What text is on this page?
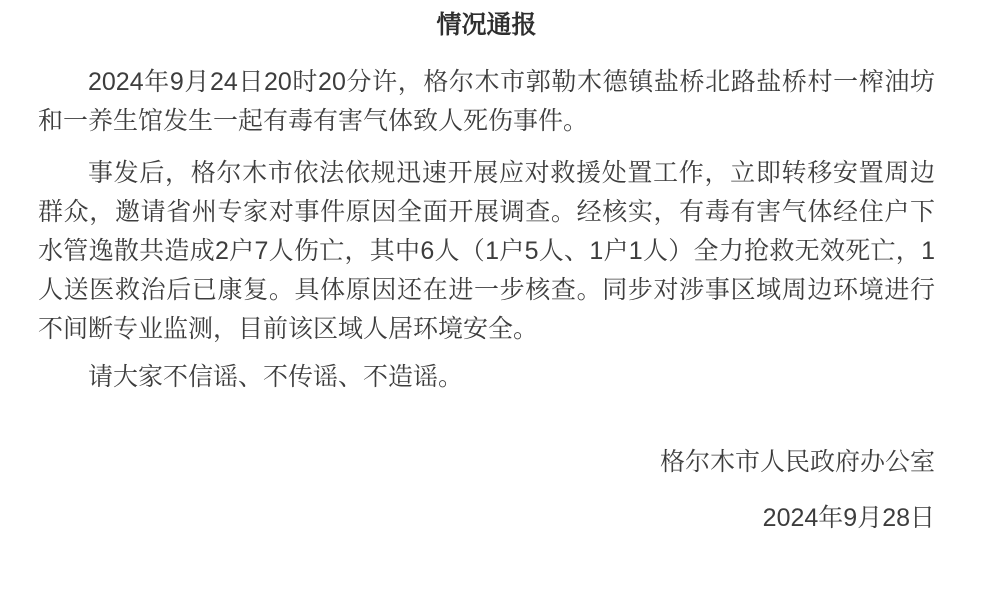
情况通报

2024年9月24日20时20分许，格尔木市郭勒木德镇盐桥北路盐桥村一榨油坊和一养生馆发生一起有毒有害气体致人死伤事件。

事发后，格尔木市依法依规迅速开展应对救援处置工作，立即转移安置周边群众，邀请省州专家对事件原因全面开展调查。经核实，有毒有害气体经住户下水管逸散共造成2户7人伤亡，其中6人（1户5人、1户1人）全力抢救无效死亡，1人送医救治后已康复。具体原因还在进一步核查。同步对涉事区域周边环境进行不间断专业监测，目前该区域人居环境安全。

请大家不信谣、不传谣、不造谣。

格尔木市人民政府办公室

2024年9月28日
